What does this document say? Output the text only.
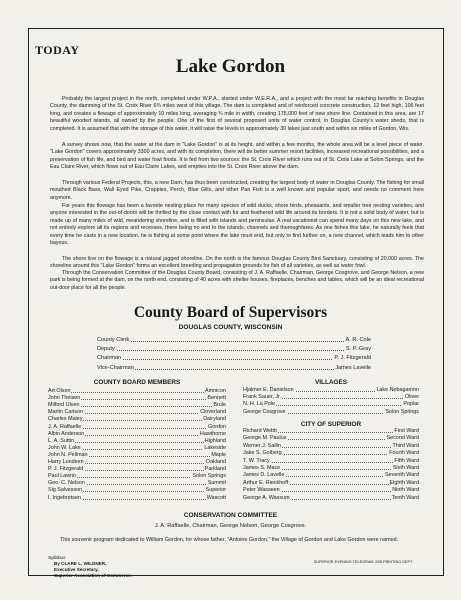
TODAY
Lake Gordon

Probably the largest project in the north, completed under W.P.A., started under W.E.R.A., and a project with the most far reaching benefits in Douglas County, the damming of the St. Croix River 6¾ miles west of this village. The dam is completed and of reinforced concrete construction, 12 feet high, 106 feet long, and creates a flowage of approximately 10 miles long, averaging ¾ mile in width, creating 175,000 feet of new shore line. Contained in this area, are 17 beautiful wooded islands, all owned by the people. One of the first of several proposed units of water control, in Douglas County's water sheds, that is completed. It is assumed that with the storage of this water, it will raise the levels in approximately 30 lakes just south and within six miles of Gordon, Wis.

A survey shows now, that the water at the dam in "Lake Gordon" is at its height, and within a few months, the whole area will be a level piece of water. "Lake Gordon" covers approximately 3300 acres, and with its completion, there will be better summer resort facilities, increased recreational possibilities, and a preservation of fish life, and bird and water fowl foods. It is fed from two sources: the St. Croix River which runs out of St. Croix Lake at Solon Springs, and the Eau Claire River, which flows out of Eau Claire Lakes, and empties into the St. Croix River above the dam.

Through various Federal Projects, this, a new Dam, has thus been constructed, creating the largest body of water in Douglas County. The fishing for small mouthed Black Bass, Wall Eyed Pike, Crappies, Perch, Blue Gills, and other Pan Fish is a well known and popular sport, and needs no comment here anymore.

For years this flowage has been a favorite nesting place for many species of wild ducks, shore birds, pheasants, and smaller tree nesting varieties, and anyone interested in the out-of-doors will be thrilled by the close contact with fur and feathered wild life around its borders. It is not a solid body of water, but is made up of many miles of wild, meandering shoreline, and is filled with islands and peninsulas. A real vacationist can spend many days on this new lake, and not entirely explore all its regions and recesses, there being no end to the islands, channels and thoroughfares. As one fishes this lake, he naturally feels that every time he casts in a new location, he is fishing at some point where the lake must end, but only to find further on, a new channel, which leads him to other bayous.

The shore line on the flowage is a natural jagged shoreline. On the north is the famous Douglas County Bird Sanctuary, consisting of 20,000 acres. The shoreline around this "Lake Gordon" forms an excellent breeding and propagation grounds for fish of all varieties, as well as water fowl.

Through the Conservation Committee of the Douglas County Board, consisting of J. A. Raffaelle, Chairman, George Cosgrove, and George Nelson, a new park is being formed at the dam, on the north end, consisting of 40 acres with shelter houses, fireplaces, benches and tables, which will be an ideal recreational out-door place for all the people.

County Board of Supervisors
DOUGLAS COUNTY, WISCONSIN
County Clerk	A. R. Cole
Deputy	S. P. Gray
Chairman	P. J. Fitzgerald
Vice-Chairman	James Lavelle
COUNTY BOARD MEMBERS	VILLAGES
Art Olson	Amnicon
John Theisen	Bennett
Milford Ulven	Brule
Martin Carlson	Cloverland
Charles Maley	Dairyland
J. A. Raffaelle	Gordon
Albin Anderson	Hawthorne
L. A. Suttin	Highland
John W. Lake	Lakeside
John N. Pellman	Maple
Harry Lundeen	Oakland
P. J. Fitzgerald	Parkland
Paul Lawrin	Solon Springs
Geo. C. Nelson	Summit
Sig Salvesson	Superior
I. Ingebretsen	Wascott
Hjalmer E. Danielson	Lake Nebagamon
Frank Sauer, Jr.	Oliver
N. H. La Pole	Poplar
George Cosgrove	Solon Springs
CITY OF SUPERIOR
Richard Webb	First Ward
George M. Paulus	Second Ward
Werner J. Sallin	Third Ward
Jake S. Golberg	Fourth Ward
T. W. Tracy	Fifth Ward
James S. Mace	Sixth Ward
James D. Lavelle	Seventh Ward
Arthur E. Rieckhoff	Eighth Ward
Peter Wasseen	Ninth Ward
George A. Wassum	Tenth Ward
CONSERVATION COMMITTEE
J. A. Raffaelle, Chairman, George Nelson, George Cosgrove.

This souvenir program dedicated to William Gordon, for whose father, "Antoine Gordon," the Village of Gordon and Lake Gordon were named.

Syllabus
By CLARE L. WILDNER,
Executive Secretary,
Superior Association of Commerce.
SUPERIOR EVENING TELEGRAM JOB PRINTING DEPT.
